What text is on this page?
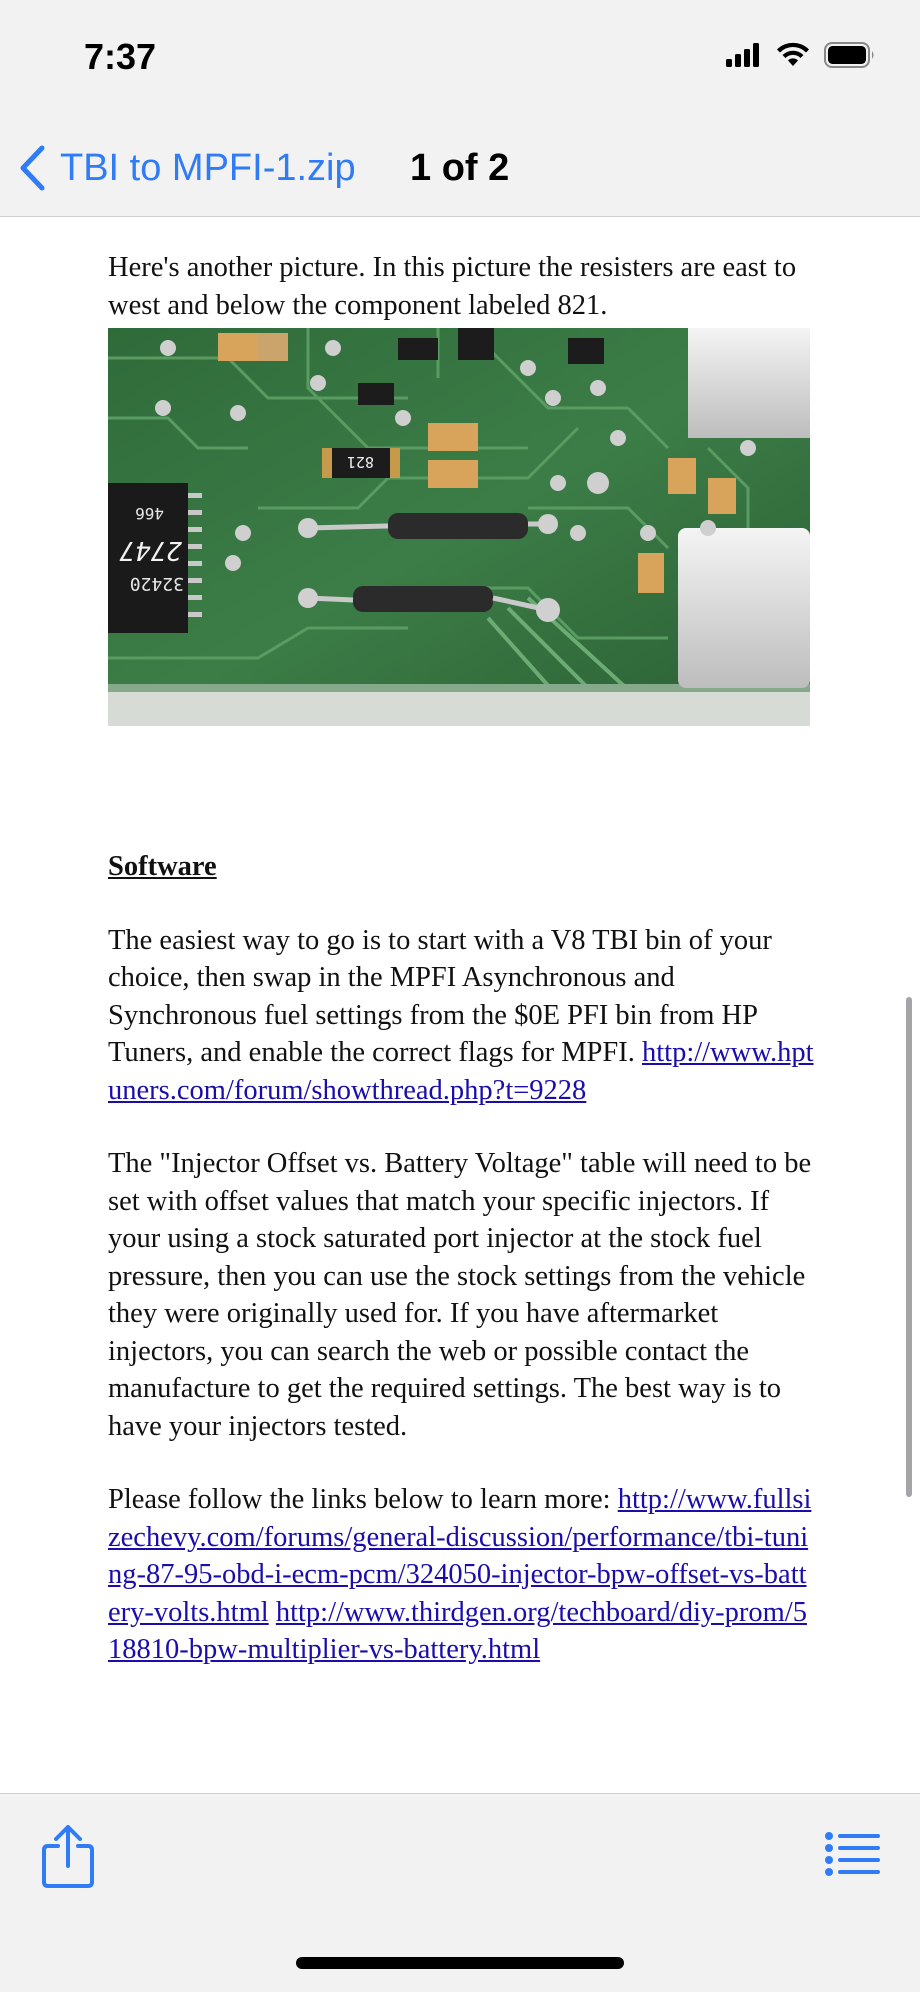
7:37
TBI to MPFI-1.zip 1 of 2

Here's another picture. In this picture the resisters are east to west and below the component labeled 821.

466
2747
32420
821

Software

The easiest way to go is to start with a V8 TBI bin of your choice, then swap in the MPFI Asynchronous and Synchronous fuel settings from the $0E PFI bin from HP Tuners, and enable the correct flags for MPFI. http://www.hptuners.com/forum/showthread.php?t=9228

The "Injector Offset vs. Battery Voltage" table will need to be set with offset values that match your specific injectors. If your using a stock saturated port injector at the stock fuel pressure, then you can use the stock settings from the vehicle they were originally used for. If you have aftermarket injectors, you can search the web or possible contact the manufacture to get the required settings. The best way is to have your injectors tested.

Please follow the links below to learn more: http://www.fullsizechevy.com/forums/general-discussion/performance/tbi-tuning-87-95-obd-i-ecm-pcm/324050-injector-bpw-offset-vs-battery-volts.html http://www.thirdgen.org/techboard/diy-prom/518810-bpw-multiplier-vs-battery.html
